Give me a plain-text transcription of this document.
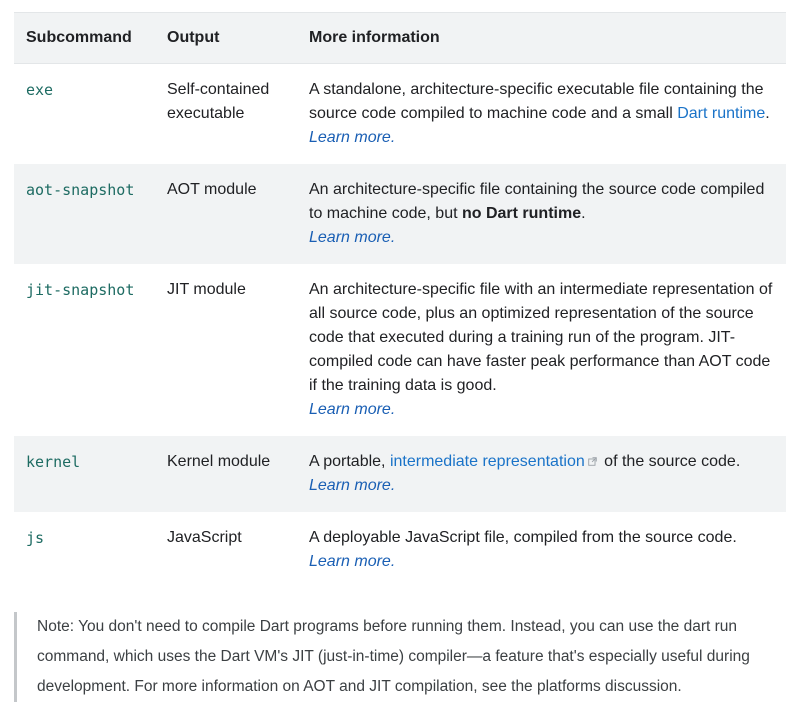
Subcommand	Output	More information
exe	Self-contained executable	A standalone, architecture-specific executable file containing the source code compiled to machine code and a small Dart runtime.
Learn more.
aot-snapshot	AOT module	An architecture-specific file containing the source code compiled to machine code, but no Dart runtime.
Learn more.
jit-snapshot	JIT module	An architecture-specific file with an intermediate representation of all source code, plus an optimized representation of the source code that executed during a training run of the program. JIT-compiled code can have faster peak performance than AOT code if the training data is good.
Learn more.
kernel	Kernel module	A portable, intermediate representation of the source code.
Learn more.
js	JavaScript	A deployable JavaScript file, compiled from the source code.
Learn more.

Note: You don't need to compile Dart programs before running them. Instead, you can use the dart run command, which uses the Dart VM's JIT (just-in-time) compiler—a feature that's especially useful during development. For more information on AOT and JIT compilation, see the platforms discussion.
